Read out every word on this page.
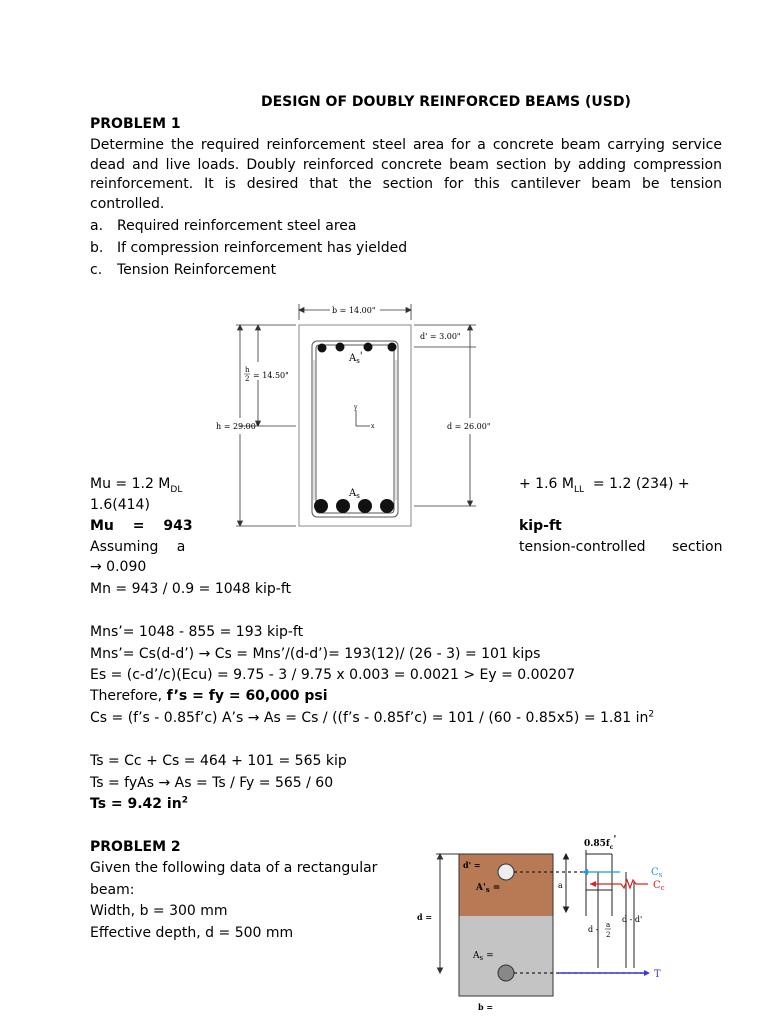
DESIGN OF DOUBLY REINFORCED BEAMS (USD)
PROBLEM 1
Determine the required reinforcement steel area for a concrete beam carrying service dead and live loads. Doubly reinforced concrete beam section by adding compression reinforcement. It is desired that the section for this cantilever beam be tension controlled.
a. Required reinforcement steel area
b. If compression reinforcement has yielded
c. Tension Reinforcement
$A_s'$
$A_s$
y
x
b = 14.00"
h = 29.00"
h
2 = 14.50"
d' = 3.00"
d = 26.00"
Mu = 1.2 $M_{DL}$	+ 1.6 $M_{LL} = 1.2$ (234) +
1.6(414)
Mu = 943	kip-ft
Assuming a	tension-controlled section
→ 0.090
Mn = 943 / 0.9 = 1048 kip-ft
Mns’= 1048 - 855 = 193 kip-ft
Mns’= Cs(d-d’) → Cs = Mns’/(d-d’)= 193(12)/ (26 - 3) = 101 kips
Es = (c-d’/c)(Ecu) = 9.75 - 3 / 9.75 x 0.003 = 0.0021 > Ey = 0.00207
Therefore, f’s = fy = 60,000 psi
Cs = (f’s - 0.85f’c) A’s → As = Cs / ((f’s - 0.85f’c) = 101 / (60 - 0.85x5) = 1.81 $in^2$
Ts = Cc + Cs = 464 + 101 = 565 kip
Ts = fyAs → As = Ts / Fy = 565 / 60
Ts = 9.42 $in^2$
PROBLEM 2
Given the following data of a rectangular
beam:
Width, b = 300 mm
Effective depth, d = 500 mm
d =
d' =
$A'_s$ =
$A_s$ =
b =
$0.85f_c'$
a
$C_s$
$C_c$
T
d - a
2
d - d'
